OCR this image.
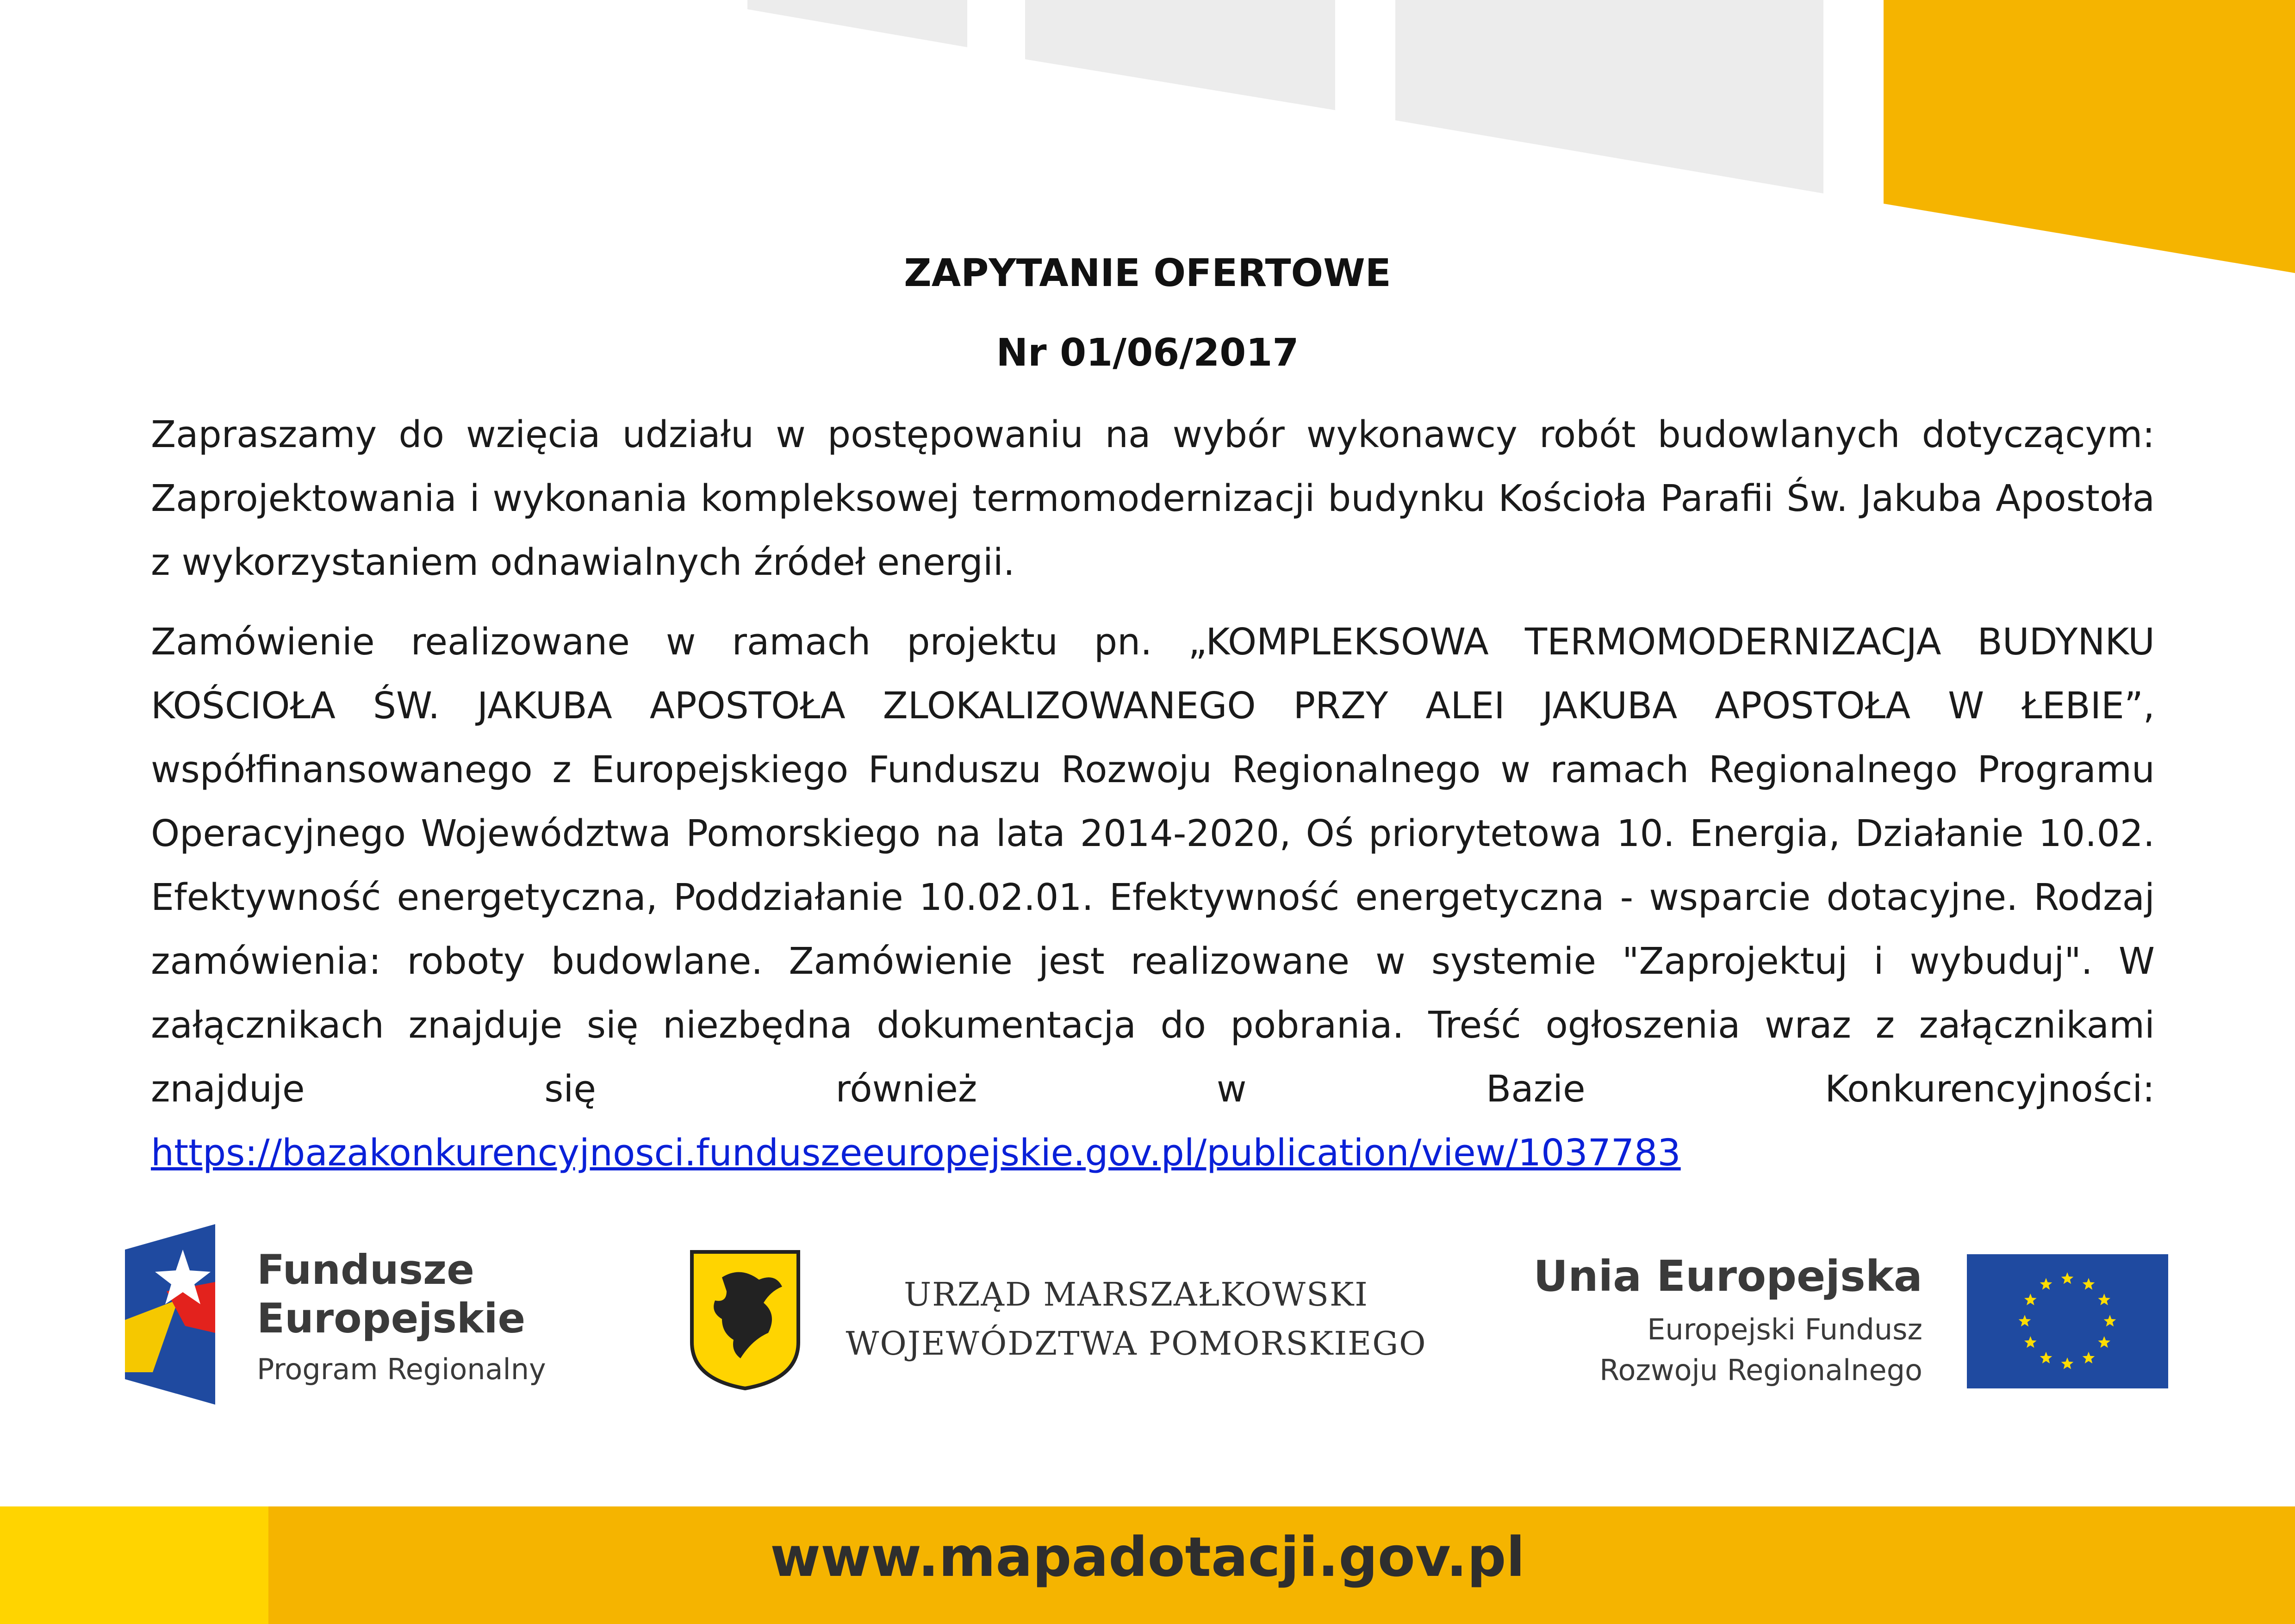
ZAPYTANIE OFERTOWE

Nr 01/06/2017

Zapraszamy do wzięcia udziału w postępowaniu na wybór wykonawcy robót budowlanych dotyczącym: Zaprojektowania i wykonania kompleksowej termomodernizacji budynku Kościoła Parafii Św. Jakuba Apostoła z wykorzystaniem odnawialnych źródeł energii.

Zamówienie realizowane w ramach projektu pn. „KOMPLEKSOWA TERMOMODERNIZACJA BUDYNKU KOŚCIOŁA ŚW. JAKUBA APOSTOŁA ZLOKALIZOWANEGO PRZY ALEI JAKUBA APOSTOŁA W ŁEBIE”, współfinansowanego z Europejskiego Funduszu Rozwoju Regionalnego w ramach Regionalnego Programu Operacyjnego Województwa Pomorskiego na lata 2014-2020, Oś priorytetowa 10. Energia, Działanie 10.02. Efektywność energetyczna, Poddziałanie 10.02.01. Efektywność energetyczna - wsparcie dotacyjne. Rodzaj zamówienia: roboty budowlane. Zamówienie jest realizowane w systemie "Zaprojektuj i wybuduj". W załącznikach znajduje się niezbędna dokumentacja do pobrania. Treść ogłoszenia wraz z załącznikami znajduje się również w Bazie Konkurencyjności: https://bazakonkurencyjnosci.funduszeeuropejskie.gov.pl/publication/view/1037783

Fundusze

Europejskie

Program Regionalny

URZĄD MARSZAŁKOWSKI

WOJEWÓDZTWA POMORSKIEGO

Unia Europejska

Europejski Fundusz

Rozwoju Regionalnego

www.mapadotacji.gov.pl
